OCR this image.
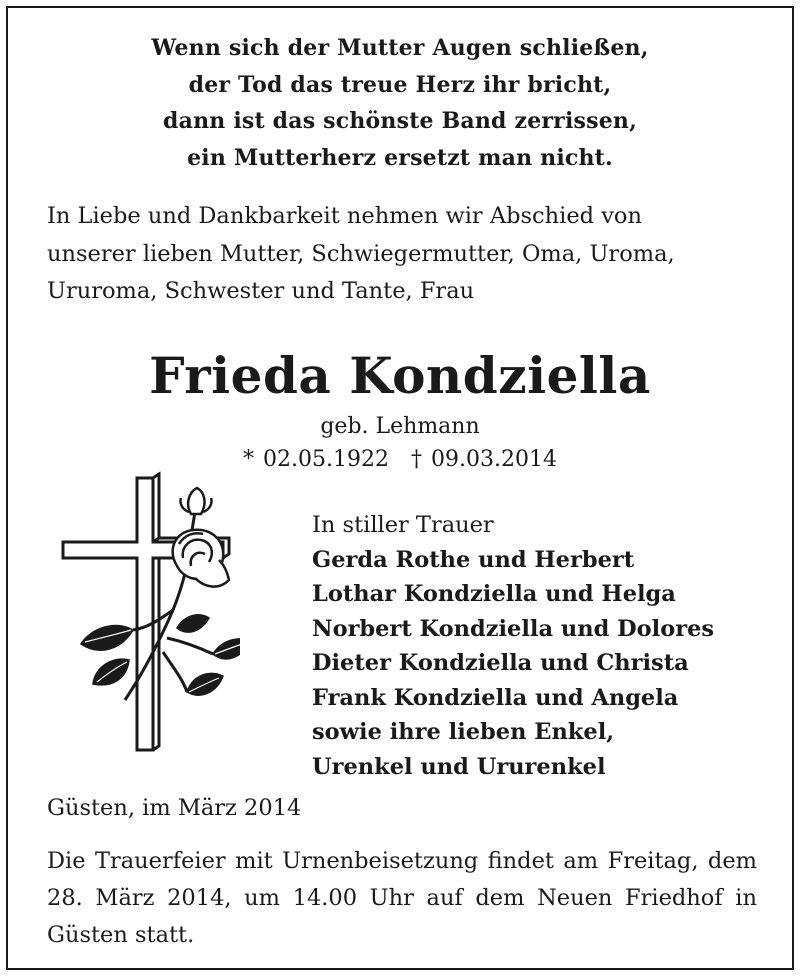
Wenn sich der Mutter Augen schließen,
der Tod das treue Herz ihr bricht,
dann ist das schönste Band zerrissen,
ein Mutterherz ersetzt man nicht.
In Liebe und Dankbarkeit nehmen wir Abschied von
unserer lieben Mutter, Schwiegermutter, Oma, Uroma,
Ururoma, Schwester und Tante, Frau
Frieda Kondziella
geb. Lehmann
* 02.05.1922 † 09.03.2014
In stiller Trauer
Gerda Rothe und Herbert
Lothar Kondziella und Helga
Norbert Kondziella und Dolores
Dieter Kondziella und Christa
Frank Kondziella und Angela
sowie ihre lieben Enkel,
Urenkel und Ururenkel
Güsten, im März 2014
Die Trauerfeier mit Urnenbeisetzung findet am Freitag, dem 28. März 2014, um 14.00 Uhr auf dem Neuen Friedhof in Güsten statt.
